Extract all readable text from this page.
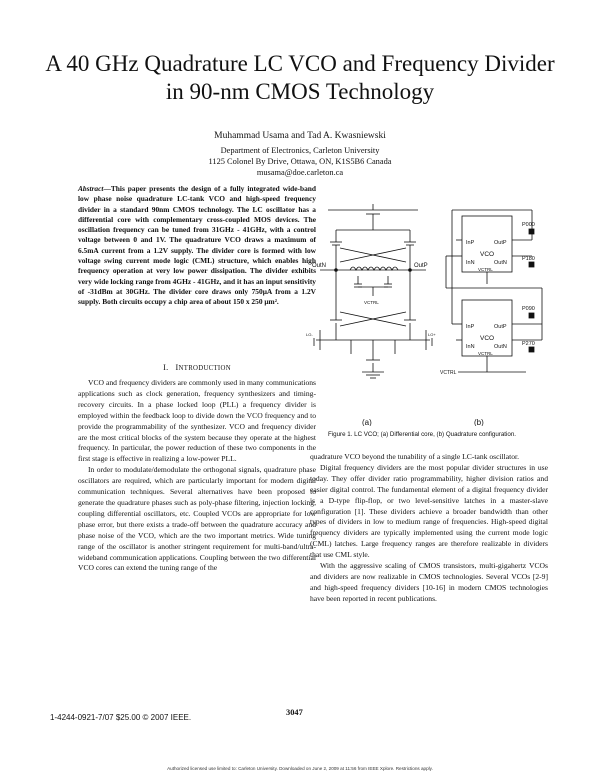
A 40 GHz Quadrature LC VCO and Frequency Divider
in 90-nm CMOS Technology
Muhammad Usama and Tad A. Kwasniewski
Department of Electronics, Carleton University
1125 Colonel By Drive, Ottawa, ON, K1S5B6 Canada
musama@doe.carleton.ca
Abstract—This paper presents the design of a fully integrated wide-band low phase noise quadrature LC-tank VCO and high-speed frequency divider in a standard 90nm CMOS technology. The LC oscillator has a differential core with complementary cross-coupled MOS devices. The oscillation frequency can be tuned from 31GHz - 41GHz, with a control voltage between 0 and 1V. The quadrature VCO draws a maximum of 6.5mA current from a 1.2V supply. The divider core is formed with low voltage swing current mode logic (CML) structure, which enables high frequency operation at very low power dissipation. The divider exhibits very wide locking range from 4GHz - 41GHz, and it has an input sensitivity of -31dBm at 30GHz. The divider core draws only 750μA from a 1.2V supply. Both circuits occupy a chip area of about 150 x 250 μm².
I. INTRODUCTION

VCO and frequency dividers are commonly used in many communications applications such as clock generation, frequency synthesizers and timing-recovery circuits. In a phase locked loop (PLL) a frequency divider is employed within the feedback loop to divide down the VCO frequency and to provide the programmability of the synthesizer. VCO and frequency divider are the most critical blocks of the system because they operate at the highest frequency. In particular, the power reduction of these two components in the first stage is effective in realizing a low-power PLL.

In order to modulate/demodulate the orthogonal signals, quadrature phase oscillators are required, which are particularly important for modern digital communication techniques. Several alternatives have been proposed to generate the quadrature phases such as poly-phase filtering, injection locking, coupling differential oscillators, etc. Coupled VCOs are appropriate for low phase error, but there exists a trade-off between the quadrature accuracy and phase noise of the VCO, which are the two important metrics. Wide tuning range of the oscillator is another stringent requirement for multi-band/ultra-wideband communication applications. Coupling between the two differential VCO cores can extend the tuning range of the

quadrature VCO beyond the tunability of a single LC-tank oscillator.

Digital frequency dividers are the most popular divider structures in use today. They offer divider ratio programmability, higher division ratios and easier digital control. The fundamental element of a digital frequency divider is a D-type flip-flop, or two level-sensitive latches in a master-slave configuration [1]. These dividers achieve a broader bandwidth than other types of dividers in low to medium range of frequencies. High-speed digital frequency dividers are typically implemented using the current mode logic (CML) latches. Large frequency ranges are therefore realizable in dividers that use CML style.

With the aggressive scaling of CMOS transistors, multi-gigahertz VCOs and dividers are now realizable in CMOS technologies. Several VCOs [2-9] and high-speed frequency dividers [10-16] in modern CMOS technologies have been reported in recent publications.

OutN	OutP
VCTRL
LO-	LO+
(a)
InP	OutP
VCO
InN	OutN
VCTRL
InP	OutP
VCO
InN	OutN
VCTRL
P000
P180
P090
P270
VCTRL
(b)
Figure 1. LC VCO; (a) Differential core, (b) Quadrature configuration.
1-4244-0921-7/07 $25.00 © 2007 IEEE.
3047
Authorized licensed use limited to: Carleton University. Downloaded on June 2, 2009 at 11:56 from IEEE Xplore. Restrictions apply.
